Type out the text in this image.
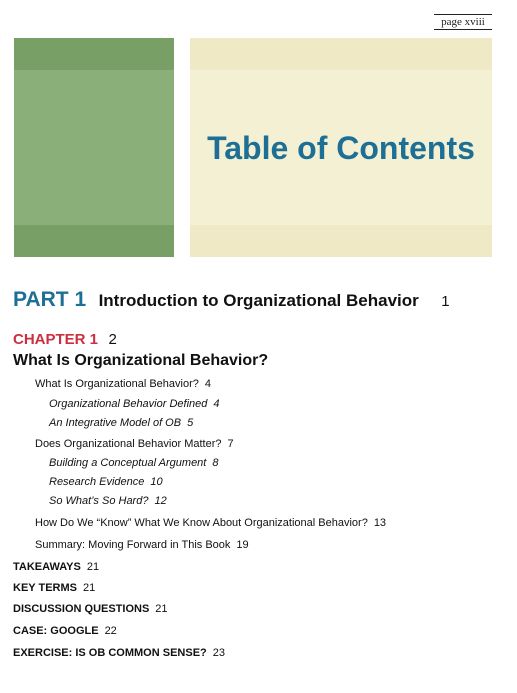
page xviii
Table of Contents
PART 1 Introduction to Organizational Behavior 1
CHAPTER 1 2
What Is Organizational Behavior?
What Is Organizational Behavior? 4
Organizational Behavior Defined 4
An Integrative Model of OB 5
Does Organizational Behavior Matter? 7
Building a Conceptual Argument 8
Research Evidence 10
So What’s So Hard? 12
How Do We “Know” What We Know About Organizational Behavior? 13
Summary: Moving Forward in This Book 19
TAKEAWAYS 21
KEY TERMS 21
DISCUSSION QUESTIONS 21
CASE: GOOGLE 22
EXERCISE: IS OB COMMON SENSE? 23
